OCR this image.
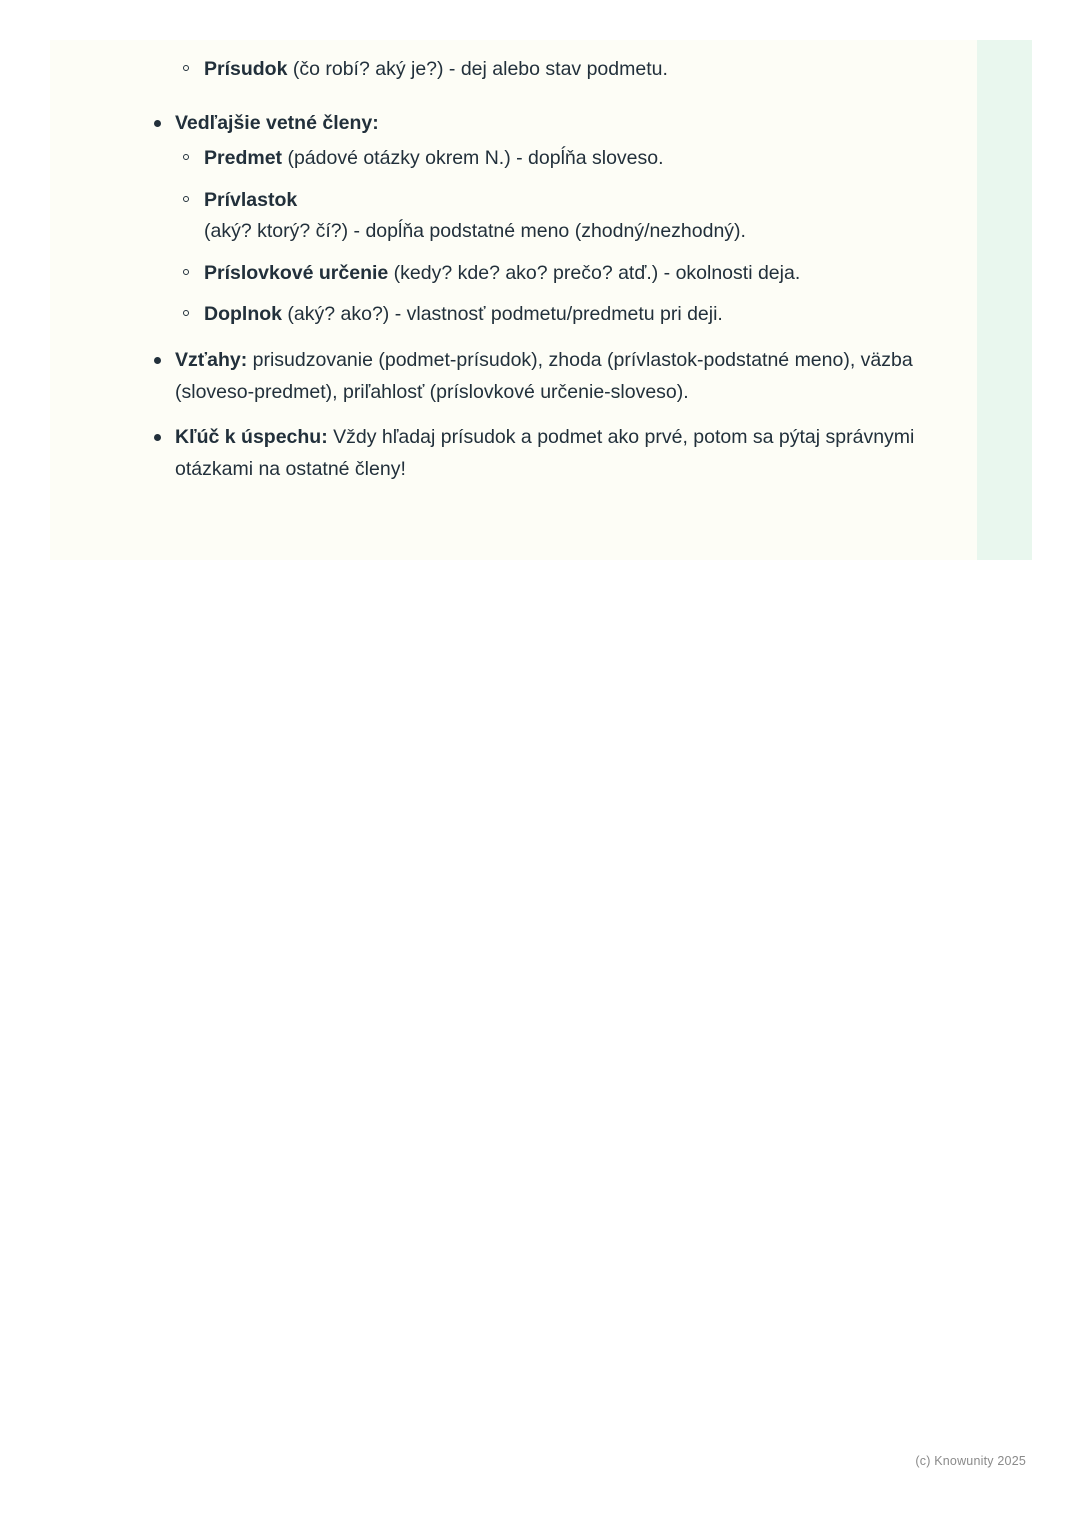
Prísudok (čo robí? aký je?) - dej alebo stav podmetu.
Vedľajšie vetné členy:
Predmet (pádové otázky okrem N.) - dopĺňa sloveso.
Prívlastok
(aký? ktorý? čí?) - dopĺňa podstatné meno (zhodný/nezhodný).
Príslovkové určenie (kedy? kde? ako? prečo? atď.) - okolnosti deja.
Doplnok (aký? ako?) - vlastnosť podmetu/predmetu pri deji.
Vzťahy: prisudzovanie (podmet-prísudok), zhoda (prívlastok-podstatné meno), väzba (sloveso-predmet), priľahlosť (príslovkové určenie-sloveso).
Kľúč k úspechu: Vždy hľadaj prísudok a podmet ako prvé, potom sa pýtaj správnymi otázkami na ostatné členy!
(c) Knowunity 2025
